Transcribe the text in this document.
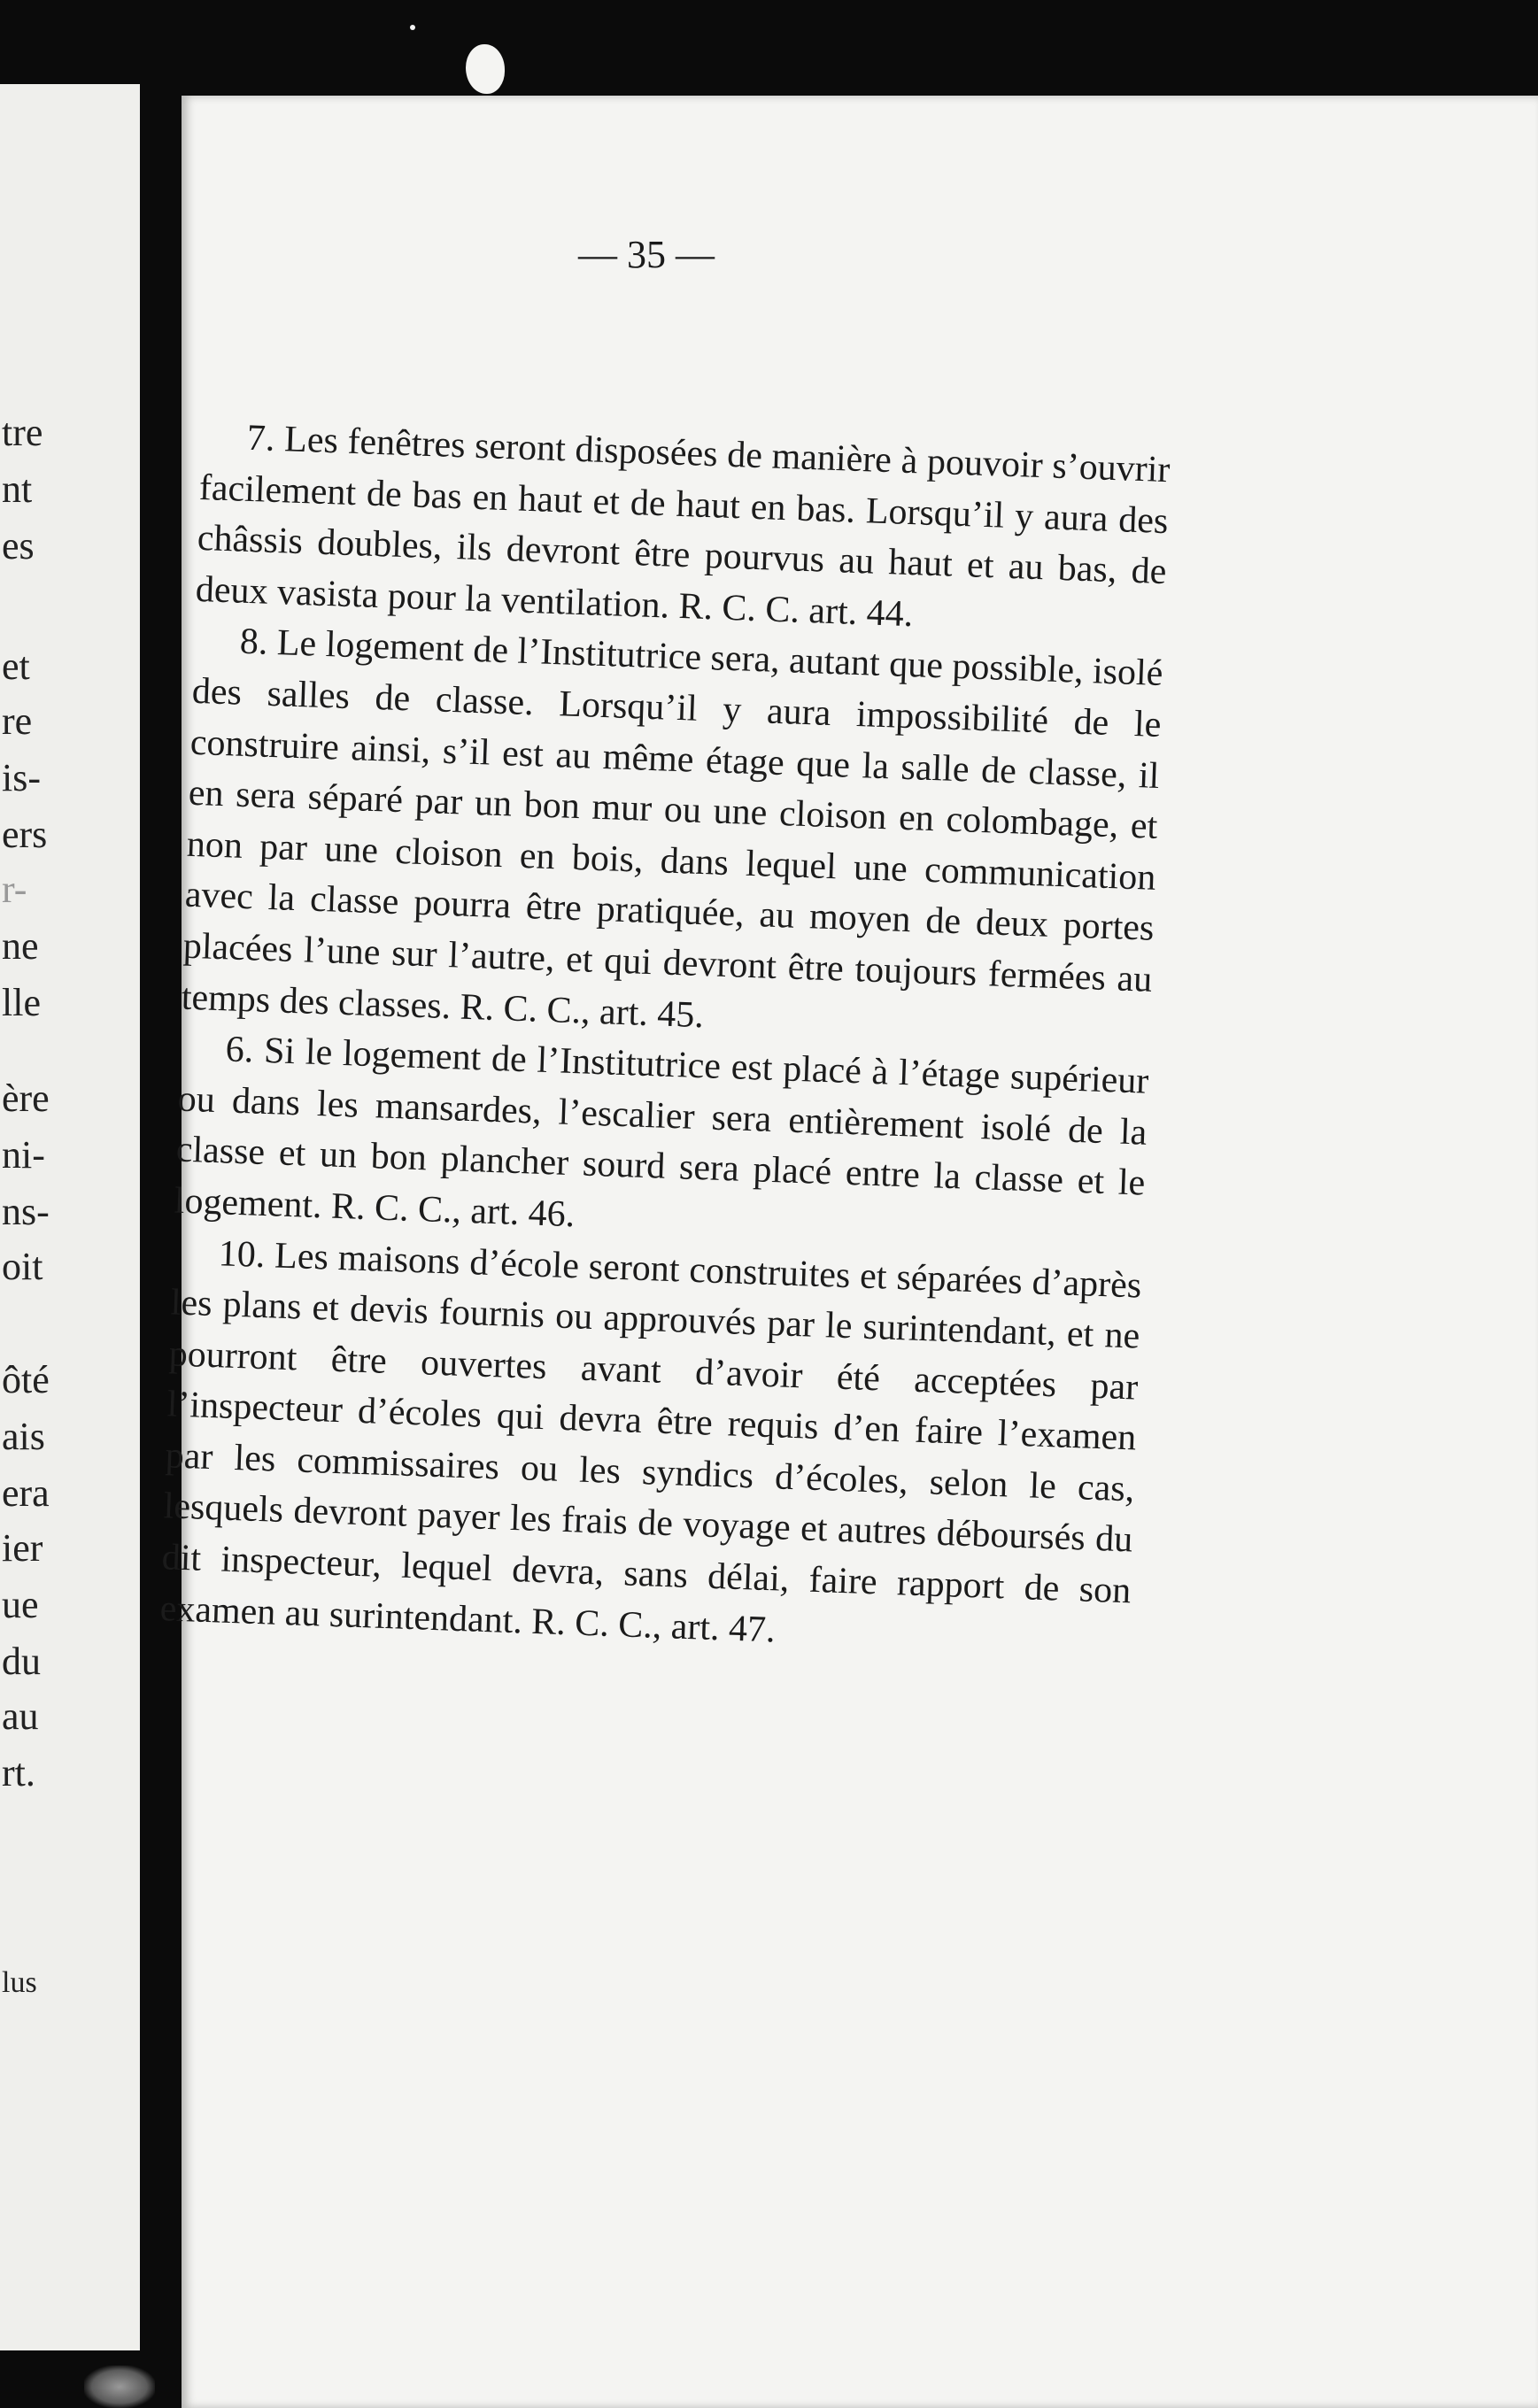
tre
nt
es
et
re
is-
ers
r-
ne
lle
ère
ni-
ns-
oit
ôté
ais
era
ier
ue
du
au
rt.
lus
— 35 —

7. Les fenêtres seront disposées de manière à pouvoir s’ouvrir facilement de bas en haut et de haut en bas. Lorsqu’il y aura des châssis doubles, ils devront être pourvus au haut et au bas, de deux vasista pour la ventilation. R. C. C. art. 44.

8. Le logement de l’Institutrice sera, autant que possible, isolé des salles de classe. Lorsqu’il y aura impossibilité de le construire ainsi, s’il est au même étage que la salle de classe, il en sera séparé par un bon mur ou une cloison en colombage, et non par une cloison en bois, dans lequel une communication avec la classe pourra être pratiquée, au moyen de deux portes placées l’une sur l’autre, et qui devront être toujours fermées au temps des classes. R. C. C., art. 45.

6. Si le logement de l’Institutrice est placé à l’étage supérieur ou dans les mansardes, l’escalier sera entièrement isolé de la classe et un bon plancher sourd sera placé entre la classe et le logement. R. C. C., art. 46.

10. Les maisons d’école seront construites et séparées d’après les plans et devis fournis ou approuvés par le surintendant, et ne pourront être ouvertes avant d’avoir été acceptées par l’inspecteur d’écoles qui devra être requis d’en faire l’examen par les commissaires ou les syndics d’écoles, selon le cas, lesquels devront payer les frais de voyage et autres déboursés du dit inspecteur, lequel devra, sans délai, faire rapport de son examen au surintendant. R. C. C., art. 47.
